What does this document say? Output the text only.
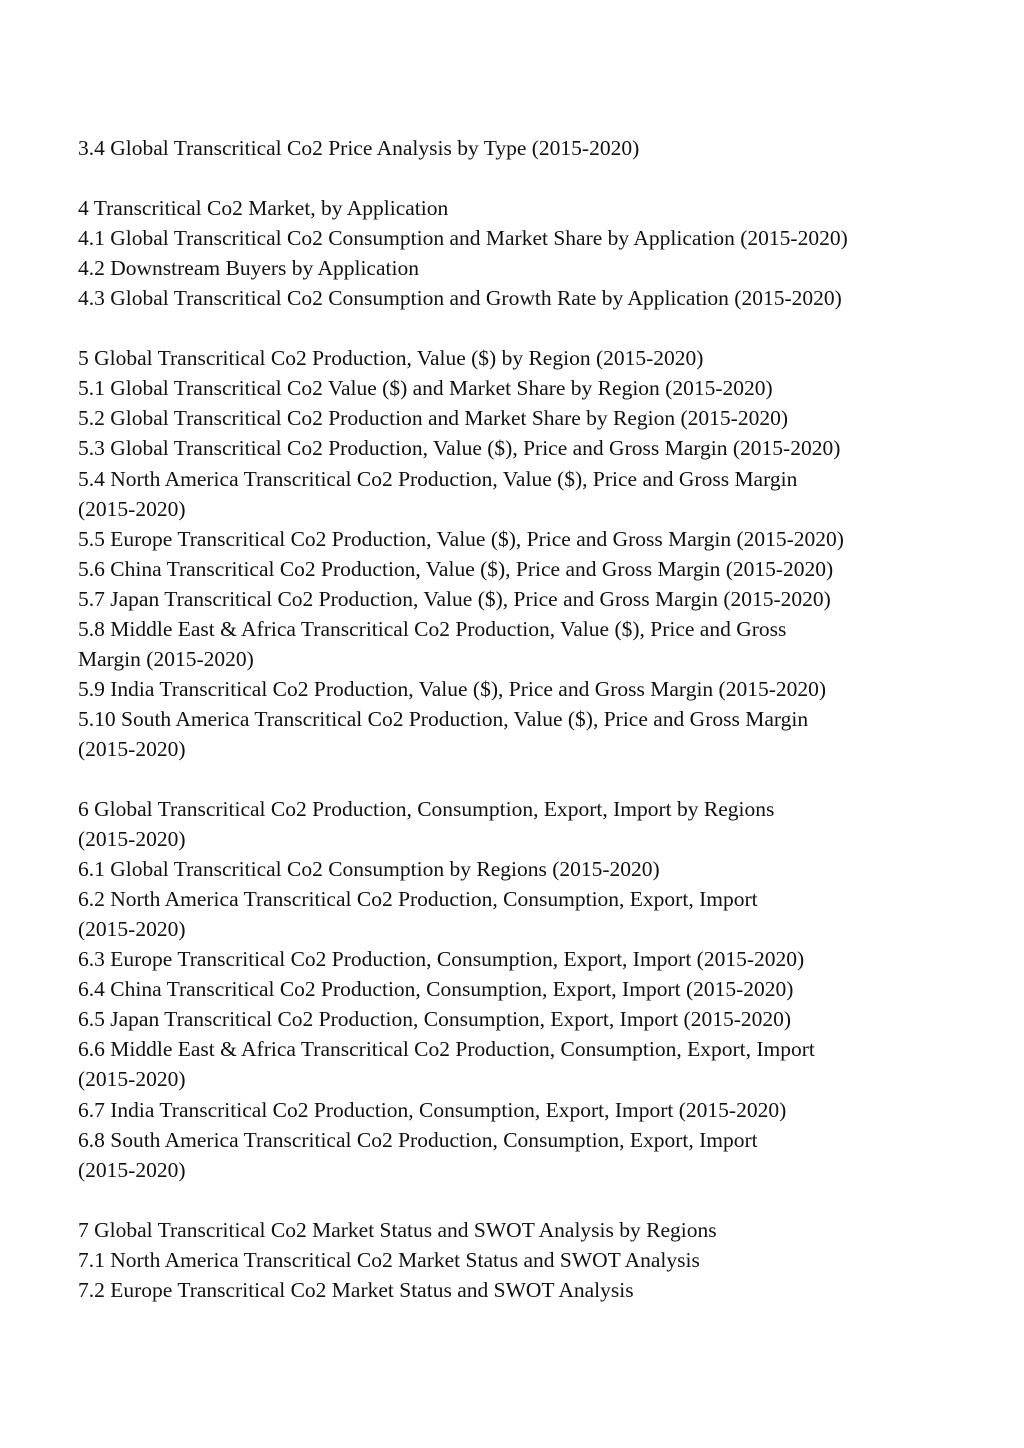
3.4 Global Transcritical Co2 Price Analysis by Type (2015-2020)
4 Transcritical Co2 Market, by Application
4.1 Global Transcritical Co2 Consumption and Market Share by Application (2015-2020)
4.2 Downstream Buyers by Application
4.3 Global Transcritical Co2 Consumption and Growth Rate by Application (2015-2020)
5 Global Transcritical Co2 Production, Value ($) by Region (2015-2020)
5.1 Global Transcritical Co2 Value ($) and Market Share by Region (2015-2020)
5.2 Global Transcritical Co2 Production and Market Share by Region (2015-2020)
5.3 Global Transcritical Co2 Production, Value ($), Price and Gross Margin (2015-2020)
5.4 North America Transcritical Co2 Production, Value ($), Price and Gross Margin
(2015-2020)
5.5 Europe Transcritical Co2 Production, Value ($), Price and Gross Margin (2015-2020)
5.6 China Transcritical Co2 Production, Value ($), Price and Gross Margin (2015-2020)
5.7 Japan Transcritical Co2 Production, Value ($), Price and Gross Margin (2015-2020)
5.8 Middle East & Africa Transcritical Co2 Production, Value ($), Price and Gross
Margin (2015-2020)
5.9 India Transcritical Co2 Production, Value ($), Price and Gross Margin (2015-2020)
5.10 South America Transcritical Co2 Production, Value ($), Price and Gross Margin
(2015-2020)
6 Global Transcritical Co2 Production, Consumption, Export, Import by Regions
(2015-2020)
6.1 Global Transcritical Co2 Consumption by Regions (2015-2020)
6.2 North America Transcritical Co2 Production, Consumption, Export, Import
(2015-2020)
6.3 Europe Transcritical Co2 Production, Consumption, Export, Import (2015-2020)
6.4 China Transcritical Co2 Production, Consumption, Export, Import (2015-2020)
6.5 Japan Transcritical Co2 Production, Consumption, Export, Import (2015-2020)
6.6 Middle East & Africa Transcritical Co2 Production, Consumption, Export, Import
(2015-2020)
6.7 India Transcritical Co2 Production, Consumption, Export, Import (2015-2020)
6.8 South America Transcritical Co2 Production, Consumption, Export, Import
(2015-2020)
7 Global Transcritical Co2 Market Status and SWOT Analysis by Regions
7.1 North America Transcritical Co2 Market Status and SWOT Analysis
7.2 Europe Transcritical Co2 Market Status and SWOT Analysis
